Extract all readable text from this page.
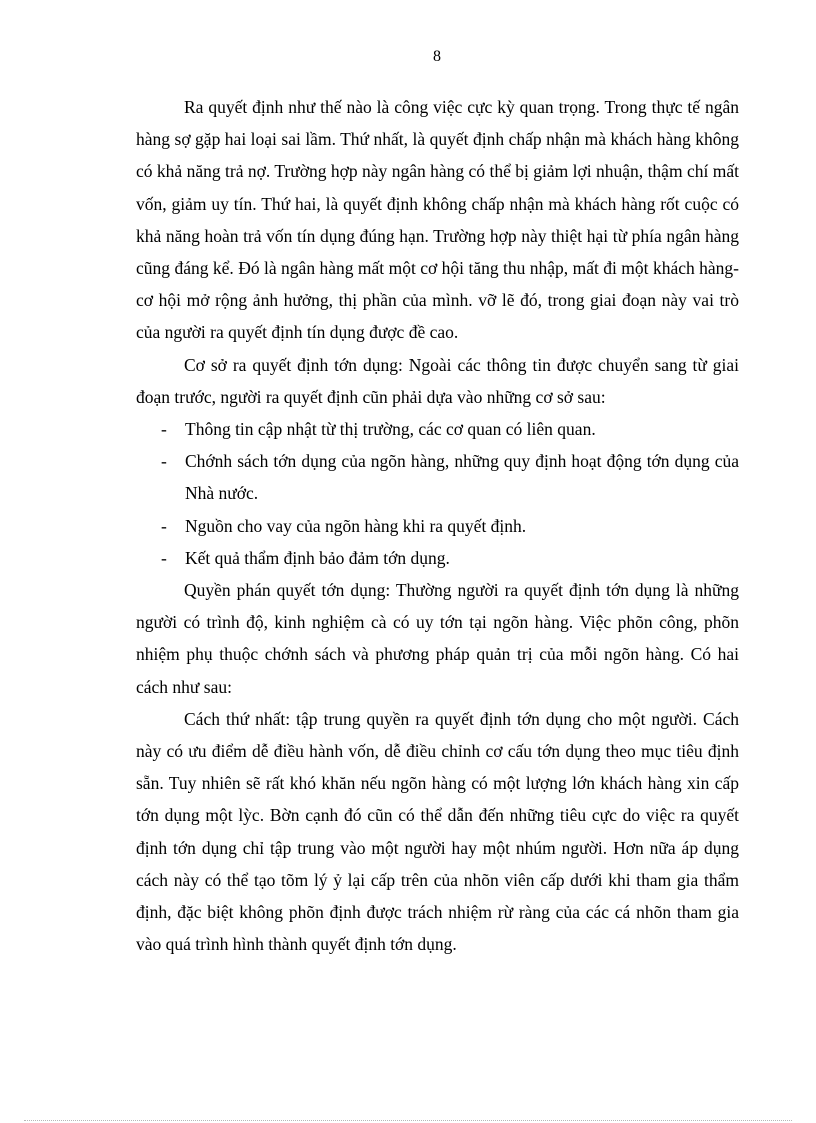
8

Ra quyết định như thế nào là công việc cực kỳ quan trọng. Trong thực tế ngân hàng sợ gặp hai loại sai lầm. Thứ nhất, là quyết định chấp nhận mà khách hàng không có khả năng trả nợ. Trường hợp này ngân hàng có thể bị giảm lợi nhuận, thậm chí mất vốn, giảm uy tín. Thứ hai, là quyết định không chấp nhận mà khách hàng rốt cuộc có khả năng hoàn trả vốn tín dụng đúng hạn. Trường hợp này thiệt hại từ phía ngân hàng cũng đáng kể. Đó là ngân hàng mất một cơ hội tăng thu nhập, mất đi một khách hàng- cơ hội mở rộng ảnh hưởng, thị phần của mình. vỡ lẽ đó, trong giai đoạn này vai trò của người ra quyết định tín dụng được đề cao.

Cơ sở ra quyết định tớn dụng: Ngoài các thông tin được chuyển sang từ giai đoạn trước, người ra quyết định cũn phải dựa vào những cơ sở sau:

- Thông tin cập nhật từ thị trường, các cơ quan có liên quan.

- Chớnh sách tớn dụng của ngõn hàng, những quy định hoạt động tớn dụng của Nhà nước.

- Nguồn cho vay của ngõn hàng khi ra quyết định.

- Kết quả thẩm định bảo đảm tớn dụng.

Quyền phán quyết tớn dụng: Thường người ra quyết định tớn dụng là những người có trình độ, kinh nghiệm cà có uy tớn tại ngõn hàng. Việc phõn công, phõn nhiệm phụ thuộc chớnh sách và phương pháp quản trị của mỗi ngõn hàng. Có hai cách như sau:

Cách thứ nhất: tập trung quyền ra quyết định tớn dụng cho một người. Cách này có ưu điểm dễ điều hành vốn, dễ điều chỉnh cơ cấu tớn dụng theo mục tiêu định sẵn. Tuy nhiên sẽ rất khó khăn nếu ngõn hàng có một lượng lớn khách hàng xin cấp tớn dụng một lỳc. Bờn cạnh đó cũn có thể dẫn đến những tiêu cực do việc ra quyết định tớn dụng chỉ tập trung vào một người hay một nhúm người. Hơn nữa áp dụng cách này có thể tạo tõm lý ỷ lại cấp trên của nhõn viên cấp dưới khi tham gia thẩm định, đặc biệt không phõn định được trách nhiệm rừ ràng của các cá nhõn tham gia vào quá trình hình thành quyết định tớn dụng.
